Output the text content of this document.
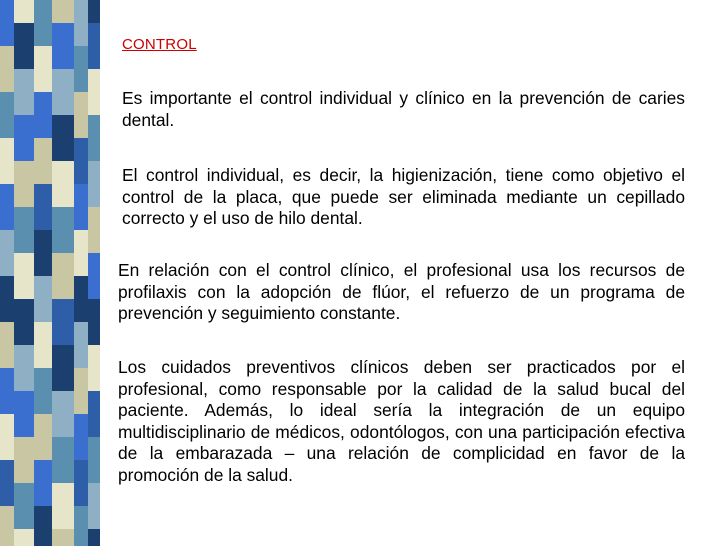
CONTROL

Es importante el control individual y clínico en la prevención de caries dental.

El control individual, es decir, la higienización, tiene como objetivo el control de la placa, que puede ser eliminada mediante un cepillado correcto y el uso de hilo dental.

En relación con el control clínico, el profesional usa los recursos de profilaxis con la adopción de flúor, el refuerzo de un programa de prevención y seguimiento constante.

Los cuidados preventivos clínicos deben ser practicados por el profesional, como responsable por la calidad de la salud bucal del paciente. Además, lo ideal sería la integración de un equipo multidisciplinario de médicos, odontólogos, con una participación efectiva de la embarazada – una relación de complicidad en favor de la promoción de la salud.
